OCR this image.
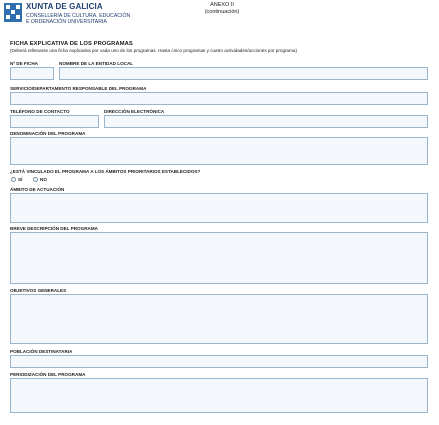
XUNTA DE GALICIA
CONSELLERÍA DE CULTURA, EDUCACIÓN
E ORDENACIÓN UNIVERSITARIA
ANEXO II
(continuación)
FICHA EXPLICATIVA DE LOS PROGRAMAS
(Deberá rellenarse una ficha explicativa por cada uno de los programas. Hasta cinco programas y cuatro actividades/acciones por programa)
Nº DE FICHA	NOMBRE DE LA ENTIDAD LOCAL
SERVICIO/DEPARTAMENTO RESPONSABLE DEL PROGRAMA
TELÉFONO DE CONTACTO	DIRECCIÓN ELECTRÓNICA
DENOMINACIÓN DEL PROGRAMA
¿ESTÁ VINCULADO EL PROGRAMA A LOS ÁMBITOS PRIORITARIOS ESTABLECIDOS?
SÍ	NO
ÁMBITO DE ACTUACIÓN
BREVE DESCRIPCIÓN DEL PROGRAMA
OBJETIVOS GENERALES
POBLACIÓN DESTINATARIA
PERIODIZACIÓN DEL PROGRAMA
